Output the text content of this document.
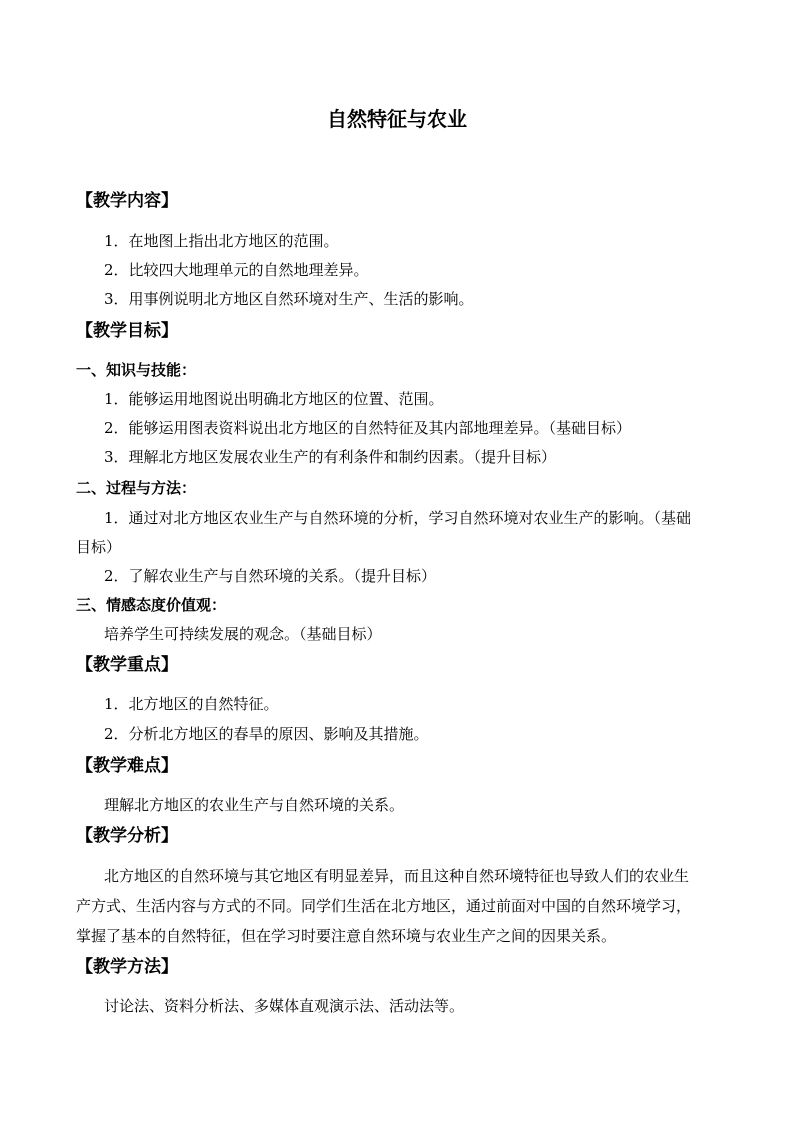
自然特征与农业
【教学内容】
1．在地图上指出北方地区的范围。
2．比较四大地理单元的自然地理差异。
3．用事例说明北方地区自然环境对生产、生活的影响。
【教学目标】
一、知识与技能：
1．能够运用地图说出明确北方地区的位置、范围。
2．能够运用图表资料说出北方地区的自然特征及其内部地理差异。（基础目标）
3．理解北方地区发展农业生产的有利条件和制约因素。（提升目标）
二、过程与方法：
1．通过对北方地区农业生产与自然环境的分析，学习自然环境对农业生产的影响。（基础
目标）
2．了解农业生产与自然环境的关系。（提升目标）
三、情感态度价值观：
培养学生可持续发展的观念。（基础目标）
【教学重点】
1．北方地区的自然特征。
2．分析北方地区的春旱的原因、影响及其措施。
【教学难点】
理解北方地区的农业生产与自然环境的关系。
【教学分析】
北方地区的自然环境与其它地区有明显差异，而且这种自然环境特征也导致人们的农业生
产方式、生活内容与方式的不同。同学们生活在北方地区，通过前面对中国的自然环境学习，
掌握了基本的自然特征，但在学习时要注意自然环境与农业生产之间的因果关系。
【教学方法】
讨论法、资料分析法、多媒体直观演示法、活动法等。
